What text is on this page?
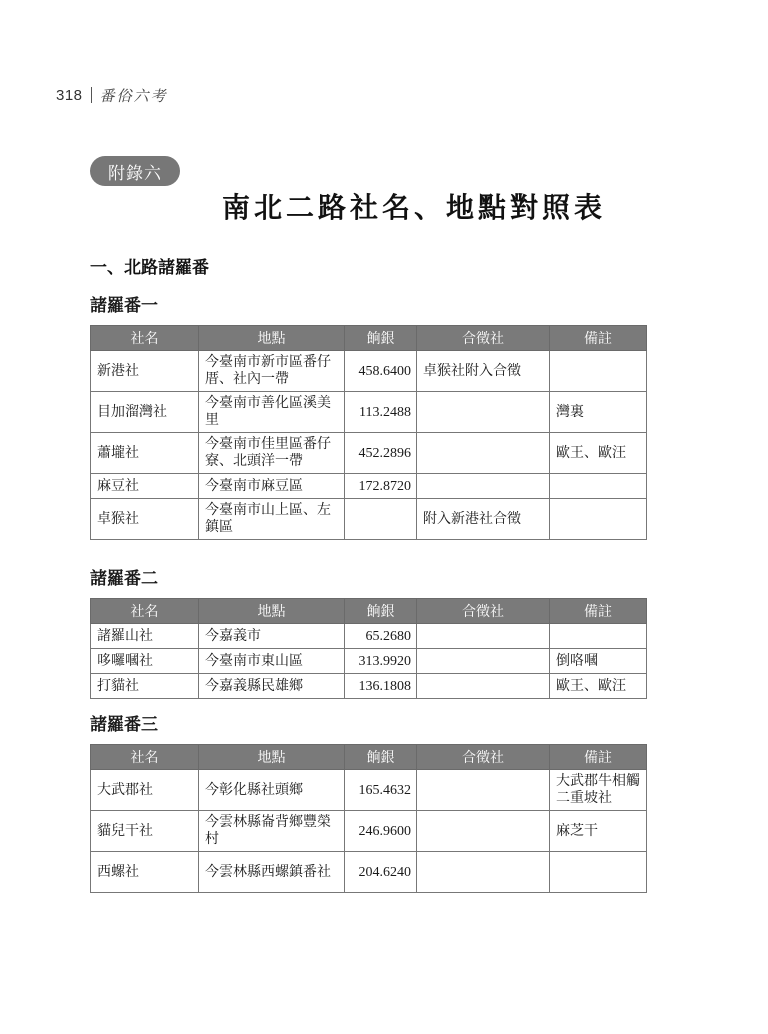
318 番俗六考
附錄六
南北二路社名、地點對照表
一、北路諸羅番
諸羅番一
社名	地點	餉銀	合徵社	備註
新港社	今臺南市新市區番仔厝、社內一帶	458.6400	卓猴社附入合徵	
目加溜灣社	今臺南市善化區溪美里	113.2488		灣裏
蕭壠社	今臺南市佳里區番仔寮、北頭洋一帶	452.2896		歐王、歐汪
麻豆社	今臺南市麻豆區	172.8720		
卓猴社	今臺南市山上區、左鎮區		附入新港社合徵	
諸羅番二
社名	地點	餉銀	合徵社	備註
諸羅山社	今嘉義市	65.2680		
哆囉嘓社	今臺南市東山區	313.9920		倒咯嘓
打貓社	今嘉義縣民雄鄉	136.1808		歐王、歐汪
諸羅番三
社名	地點	餉銀	合徵社	備註
大武郡社	今彰化縣社頭鄉	165.4632		大武郡牛相觸二重坡社
貓兒干社	今雲林縣崙背鄉豐榮村	246.9600		麻芝干
西螺社	今雲林縣西螺鎮番社	204.6240		
